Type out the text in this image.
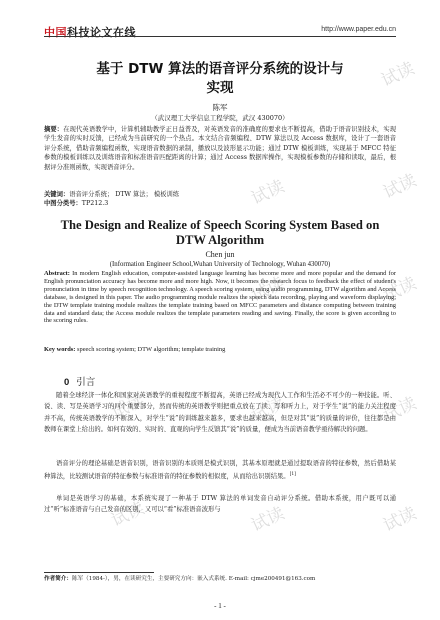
中国科技论文在线	http://www.paper.edu.cn
试读
试读	试读
试读	试读
试读	试读	试读
试读	试读	试读
基于 DTW 算法的语音评分系统的设计与
实现
陈军
（武汉理工大学信息工程学院，武汉 430070）
摘要：在现代英语教学中，计算机辅助教学正日益普及，对英语发音的准确度的要求也不断提高，借助于语音识别技术，实现学生发音的实时反馈，已经成为当前研究的一个热点。本文结合音频编程、DTW 算法以及 Access 数据库，设计了一套语音评分系统，借助音频编程函数，实现语音数据的录制，播放以及波形显示功能；通过 DTW 模板训练，实现基于 MFCC 特征参数的模板训练以及训练语音和标准语音匹配距离的计算；通过 Access 数据库操作，实现模板参数的存储和读取，最后，根据评分准则函数，实现语音评分。
关键词：语音评分系统； DTW 算法； 模板训练
中图分类号：TP212.3
The Design and Realize of Speech Scoring System Based on
DTW Algorithm
Chen jun
(Information Engineer School,Wuhan University of Technology, Wuhan 430070)
Abstract: In modern English education, computer-assisted language learning has become more and more popular and the demand for English pronunciation accuracy has become more and more high. Now, it becomes the research focus to feedback the effect of student's pronunciation in time by speech recognition technology. A speech scoring system, using audio programming, DTW algorithm and Access database, is designed in this paper. The audio programming module realizes the speech data recording, playing and waveform displaying; the DTW template training module realizes the template training based on MFCC parameters and distance computing between training data and standard data; the Access module realizes the template parameters reading and saving. Finally, the score is given according to the scoring rules.
Key words: speech scoring system; DTW algorithm; template training
0 引言

随着全球经济一体化和国家对英语教学的重视程度不断提高，英语已经成为现代人工作和生活必不可少的一种技能。听、说、读、写是英语学习的四个重要部分，然而传统的英语教学则把重点放在了读、写和听力上，对于学生“说”的能力关注程度并不高，传统英语教学的不断深入，对学生“说”的训练越来越多，要求也越来越高，但是对其“说”的质量的评价，往往都是由教师在课堂上给出的。如何有效的、实时的、直观的向学生反馈其“说”的质量，便成为当前语音教学亟待解决的问题。

语音评分的理论基础是语音识别，语音识别的本质则是模式识别，其基本原理就是通过提取语音的特征参数，然后借助某种算法，比较测试语音的特征参数与标准语音的特征参数的相似度，从而给出识别结果。[1]

单词是英语学习的基础，本系统实现了一种基于 DTW 算法的单词发音自动评分系统。借助本系统，用户既可以通过“听”标准语音与自己发音的区别，又可以“看”标准语音波形与

作者简介：陈军（1984-），男，在读研究生，主要研究方向：嵌入式系统. E-mail: cjme200491@163.com
- 1 -
